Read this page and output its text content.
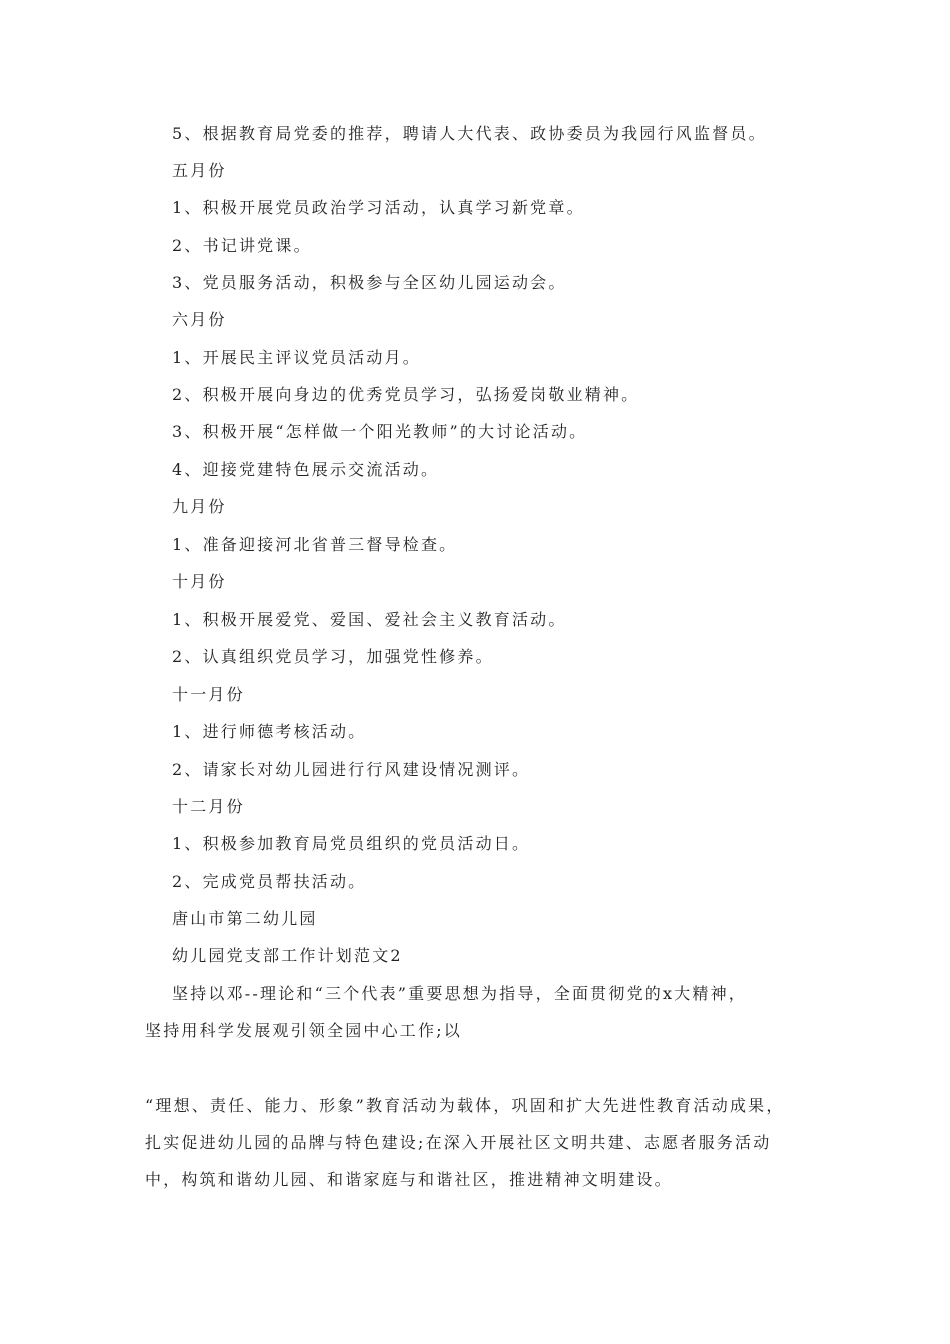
5、根据教育局党委的推荐，聘请人大代表、政协委员为我园行风监督员。
五月份
1、积极开展党员政治学习活动，认真学习新党章。
2、书记讲党课。
3、党员服务活动，积极参与全区幼儿园运动会。
六月份
1、开展民主评议党员活动月。
2、积极开展向身边的优秀党员学习，弘扬爱岗敬业精神。
3、积极开展“怎样做一个阳光教师”的大讨论活动。
4、迎接党建特色展示交流活动。
九月份
1、准备迎接河北省普三督导检查。
十月份
1、积极开展爱党、爱国、爱社会主义教育活动。
2、认真组织党员学习，加强党性修养。
十一月份
1、进行师德考核活动。
2、请家长对幼儿园进行行风建设情况测评。
十二月份
1、积极参加教育局党员组织的党员活动日。
2、完成党员帮扶活动。
唐山市第二幼儿园
幼儿园党支部工作计划范文2
坚持以邓--理论和“三个代表”重要思想为指导，全面贯彻党的x大精神，
坚持用科学发展观引领全园中心工作;以
“理想、责任、能力、形象”教育活动为载体，巩固和扩大先进性教育活动成果，
扎实促进幼儿园的品牌与特色建设;在深入开展社区文明共建、志愿者服务活动
中，构筑和谐幼儿园、和谐家庭与和谐社区，推进精神文明建设。
